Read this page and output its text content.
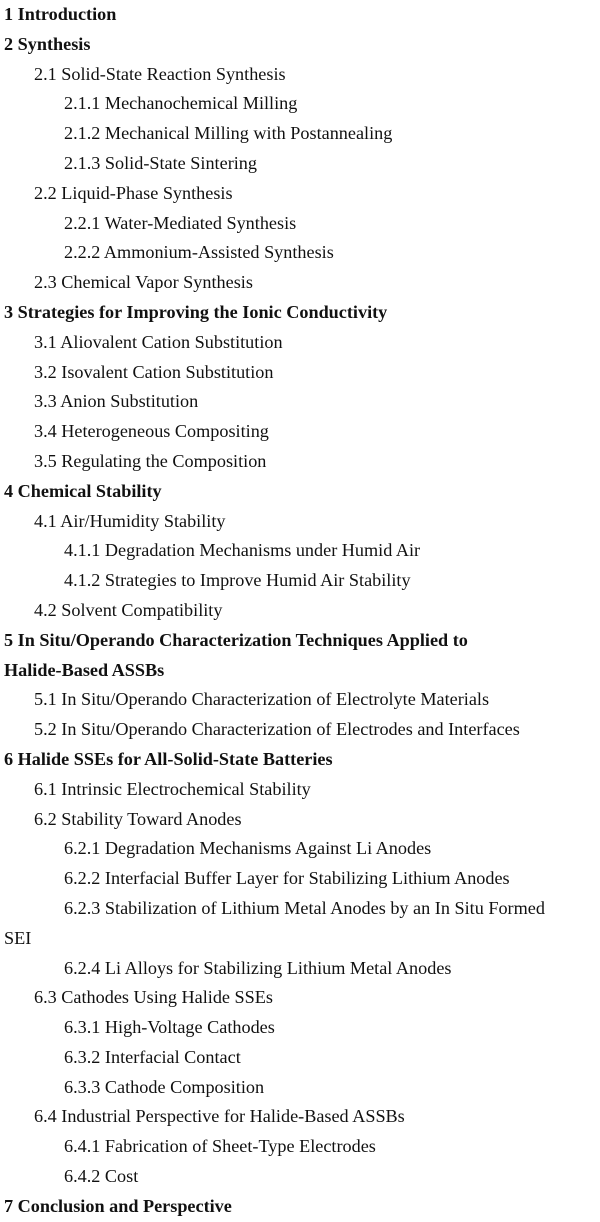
1 Introduction
2 Synthesis
2.1 Solid-State Reaction Synthesis
2.1.1 Mechanochemical Milling
2.1.2 Mechanical Milling with Postannealing
2.1.3 Solid-State Sintering
2.2 Liquid-Phase Synthesis
2.2.1 Water-Mediated Synthesis
2.2.2 Ammonium-Assisted Synthesis
2.3 Chemical Vapor Synthesis
3 Strategies for Improving the Ionic Conductivity
3.1 Aliovalent Cation Substitution
3.2 Isovalent Cation Substitution
3.3 Anion Substitution
3.4 Heterogeneous Compositing
3.5 Regulating the Composition
4 Chemical Stability
4.1 Air/Humidity Stability
4.1.1 Degradation Mechanisms under Humid Air
4.1.2 Strategies to Improve Humid Air Stability
4.2 Solvent Compatibility
5 In Situ/Operando Characterization Techniques Applied to
Halide-Based ASSBs
5.1 In Situ/Operando Characterization of Electrolyte Materials
5.2 In Situ/Operando Characterization of Electrodes and Interfaces
6 Halide SSEs for All-Solid-State Batteries
6.1 Intrinsic Electrochemical Stability
6.2 Stability Toward Anodes
6.2.1 Degradation Mechanisms Against Li Anodes
6.2.2 Interfacial Buffer Layer for Stabilizing Lithium Anodes
6.2.3 Stabilization of Lithium Metal Anodes by an In Situ Formed
SEI
6.2.4 Li Alloys for Stabilizing Lithium Metal Anodes
6.3 Cathodes Using Halide SSEs
6.3.1 High-Voltage Cathodes
6.3.2 Interfacial Contact
6.3.3 Cathode Composition
6.4 Industrial Perspective for Halide-Based ASSBs
6.4.1 Fabrication of Sheet-Type Electrodes
6.4.2 Cost
7 Conclusion and Perspective
